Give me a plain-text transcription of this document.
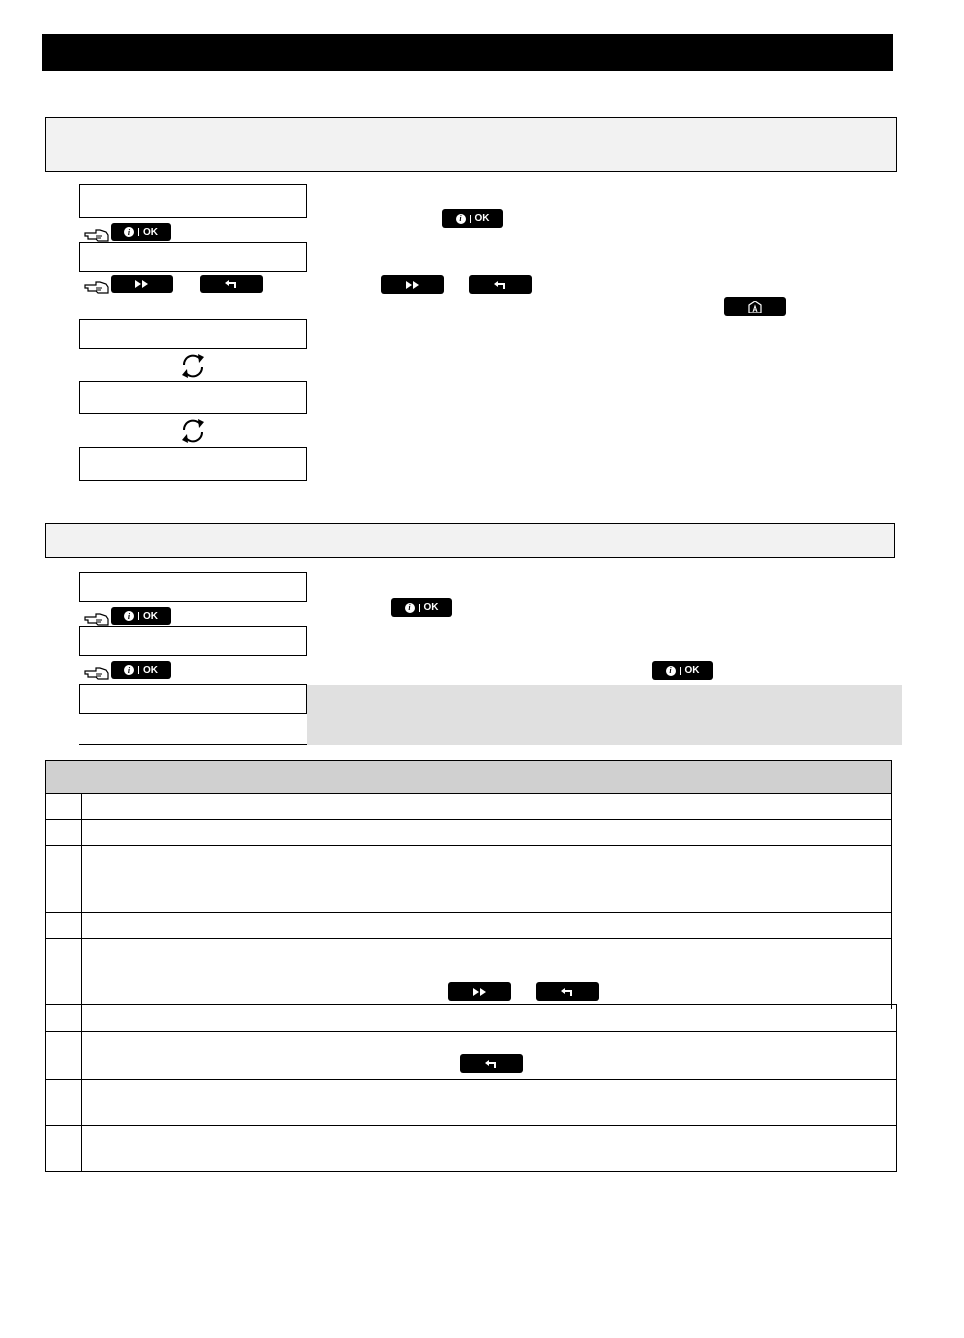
i	OK
i	OK
i	OK
i	OK
i	OK
i	OK
